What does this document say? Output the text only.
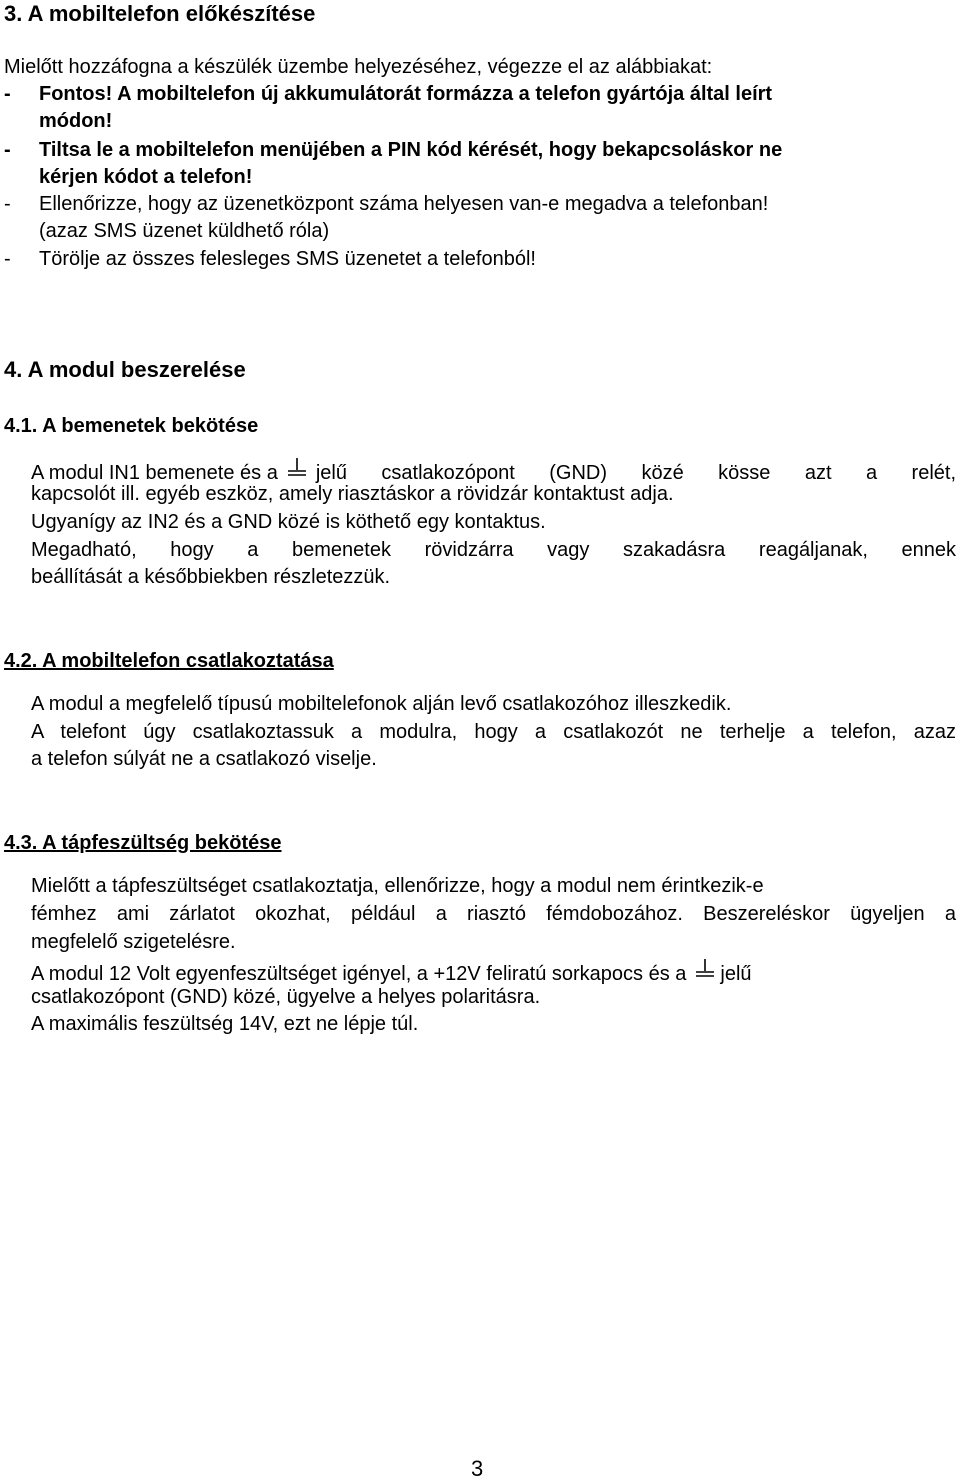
3. A mobiltelefon előkészítése
Mielőtt hozzáfogna a készülék üzembe helyezéséhez, végezze el az alábbiakat:
- Fontos! A mobiltelefon új akkumulátorát formázza a telefon gyártója által leírt
módon!
- Tiltsa le a mobiltelefon menüjében a PIN kód kérését, hogy bekapcsoláskor ne
kérjen kódot a telefon!
- Ellenőrizze, hogy az üzenetközpont száma helyesen van-e megadva a telefonban!
(azaz SMS üzenet küldhető róla)
- Törölje az összes felesleges SMS üzenetet a telefonból!
4. A modul beszerelése
4.1. A bemenetek bekötése
A modul IN1 bemenete és a jelű csatlakozópont (GND) közé kösse azt a relét,
kapcsolót ill. egyéb eszköz, amely riasztáskor a rövidzár kontaktust adja.
Ugyanígy az IN2 és a GND közé is köthető egy kontaktus.
Megadható, hogy a bemenetek rövidzárra vagy szakadásra reagáljanak, ennek
beállítását a későbbiekben részletezzük.
4.2. A mobiltelefon csatlakoztatása
A modul a megfelelő típusú mobiltelefonok alján levő csatlakozóhoz illeszkedik.
A telefont úgy csatlakoztassuk a modulra, hogy a csatlakozót ne terhelje a telefon, azaz
a telefon súlyát ne a csatlakozó viselje.
4.3. A tápfeszültség bekötése
Mielőtt a tápfeszültséget csatlakoztatja, ellenőrizze, hogy a modul nem érintkezik-e
fémhez ami zárlatot okozhat, például a riasztó fémdobozához. Beszereléskor ügyeljen a
megfelelő szigetelésre.
A modul 12 Volt egyenfeszültséget igényel, a +12V feliratú sorkapocs és a jelű
csatlakozópont (GND) közé, ügyelve a helyes polaritásra.
A maximális feszültség 14V, ezt ne lépje túl.
3
